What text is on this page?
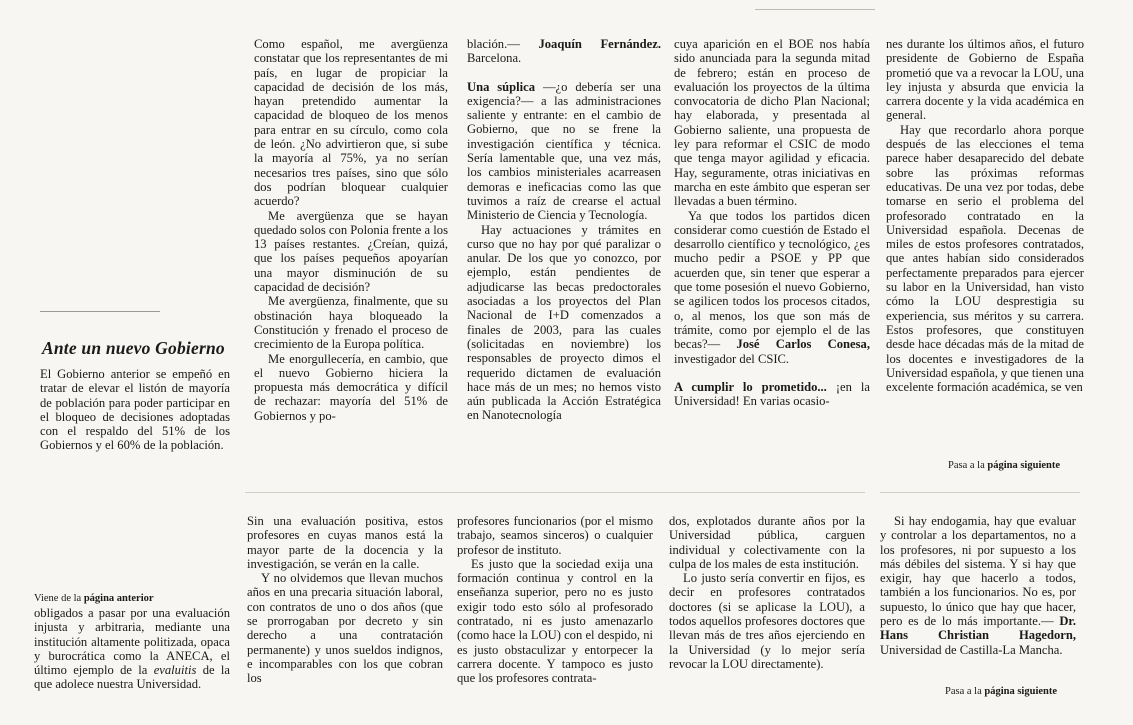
Ante un nuevo Gobierno

El Gobierno anterior se empeñó en tratar de elevar el listón de mayoría de población para poder participar en el bloqueo de decisiones adoptadas con el respaldo del 51% de los Gobiernos y el 60% de la población.

Como español, me avergüenza constatar que los representantes de mi país, en lugar de propiciar la capacidad de decisión de los más, hayan pretendido aumentar la capacidad de bloqueo de los menos para entrar en su círculo, como cola de león. ¿No advirtieron que, si sube la mayoría al 75%, ya no serían necesarios tres países, sino que sólo dos podrían bloquear cualquier acuerdo?

Me avergüenza que se hayan quedado solos con Polonia frente a los 13 países restantes. ¿Creían, quizá, que los países pequeños apoyarían una mayor disminución de su capacidad de decisión?

Me avergüenza, finalmente, que su obstinación haya bloqueado la Constitución y frenado el proceso de crecimiento de la Europa política.

Me enorgullecería, en cambio, que el nuevo Gobierno hiciera la propuesta más democrática y difícil de rechazar: mayoría del 51% de Gobiernos y po-

blación.— Joaquín Fernández. Barcelona.

Una súplica —¿o debería ser una exigencia?— a las administraciones saliente y entrante: en el cambio de Gobierno, que no se frene la investigación científica y técnica. Sería lamentable que, una vez más, los cambios ministeriales acarreasen demoras e ineficacias como las que tuvimos a raíz de crearse el actual Ministerio de Ciencia y Tecnología.

Hay actuaciones y trámites en curso que no hay por qué paralizar o anular. De los que yo conozco, por ejemplo, están pendientes de adjudicarse las becas predoctorales asociadas a los proyectos del Plan Nacional de I+D comenzados a finales de 2003, para las cuales (solicitadas en noviembre) los responsables de proyecto dimos el requerido dictamen de evaluación hace más de un mes; no hemos visto aún publicada la Acción Estratégica en Nanotecnología

cuya aparición en el BOE nos había sido anunciada para la segunda mitad de febrero; están en proceso de evaluación los proyectos de la última convocatoria de dicho Plan Nacional; hay elaborada, y presentada al Gobierno saliente, una propuesta de ley para reformar el CSIC de modo que tenga mayor agilidad y eficacia. Hay, seguramente, otras iniciativas en marcha en este ámbito que esperan ser llevadas a buen término.

Ya que todos los partidos dicen considerar como cuestión de Estado el desarrollo científico y tecnológico, ¿es mucho pedir a PSOE y PP que acuerden que, sin tener que esperar a que tome posesión el nuevo Gobierno, se agilicen todos los procesos citados, o, al menos, los que son más de trámite, como por ejemplo el de las becas?— José Carlos Conesa, investigador del CSIC.

A cumplir lo prometido... ¡en la Universidad! En varias ocasio-

nes durante los últimos años, el futuro presidente de Gobierno de España prometió que va a revocar la LOU, una ley injusta y absurda que envicia la carrera docente y la vida académica en general.

Hay que recordarlo ahora porque después de las elecciones el tema parece haber desaparecido del debate sobre las próximas reformas educativas. De una vez por todas, debe tomarse en serio el problema del profesorado contratado en la Universidad española. Decenas de miles de estos profesores contratados, que antes habían sido considerados perfectamente preparados para ejercer su labor en la Universidad, han visto cómo la LOU desprestigia su experiencia, sus méritos y su carrera. Estos profesores, que constituyen desde hace décadas más de la mitad de los docentes e investigadores de la Universidad española, y que tienen una excelente formación académica, se ven

Pasa a la página siguiente
Viene de la página anterior

obligados a pasar por una evaluación injusta y arbitraria, mediante una institución altamente politizada, opaca y burocrática como la ANECA, el último ejemplo de la evaluitis de la que adolece nuestra Universidad.

Sin una evaluación positiva, estos profesores en cuyas manos está la mayor parte de la docencia y la investigación, se verán en la calle.

Y no olvidemos que llevan muchos años en una precaria situación laboral, con contratos de uno o dos años (que se prorrogaban por decreto y sin derecho a una contratación permanente) y unos sueldos indignos, e incomparables con los que cobran los

profesores funcionarios (por el mismo trabajo, seamos sinceros) o cualquier profesor de instituto.

Es justo que la sociedad exija una formación continua y control en la enseñanza superior, pero no es justo exigir todo esto sólo al profesorado contratado, ni es justo amenazarlo (como hace la LOU) con el despido, ni es justo obstaculizar y entorpecer la carrera docente. Y tampoco es justo que los profesores contrata-

dos, explotados durante años por la Universidad pública, carguen individual y colectivamente con la culpa de los males de esta institución.

Lo justo sería convertir en fijos, es decir en profesores contratados doctores (si se aplicase la LOU), a todos aquellos profesores doctores que llevan más de tres años ejerciendo en la Universidad (y lo mejor sería revocar la LOU directamente).

Si hay endogamia, hay que evaluar y controlar a los departamentos, no a los profesores, ni por supuesto a los más débiles del sistema. Y si hay que exigir, hay que hacerlo a todos, también a los funcionarios. No es, por supuesto, lo único que hay que hacer, pero es de lo más importante.— Dr. Hans Christian Hagedorn, Universidad de Castilla-La Mancha.

Pasa a la página siguiente
